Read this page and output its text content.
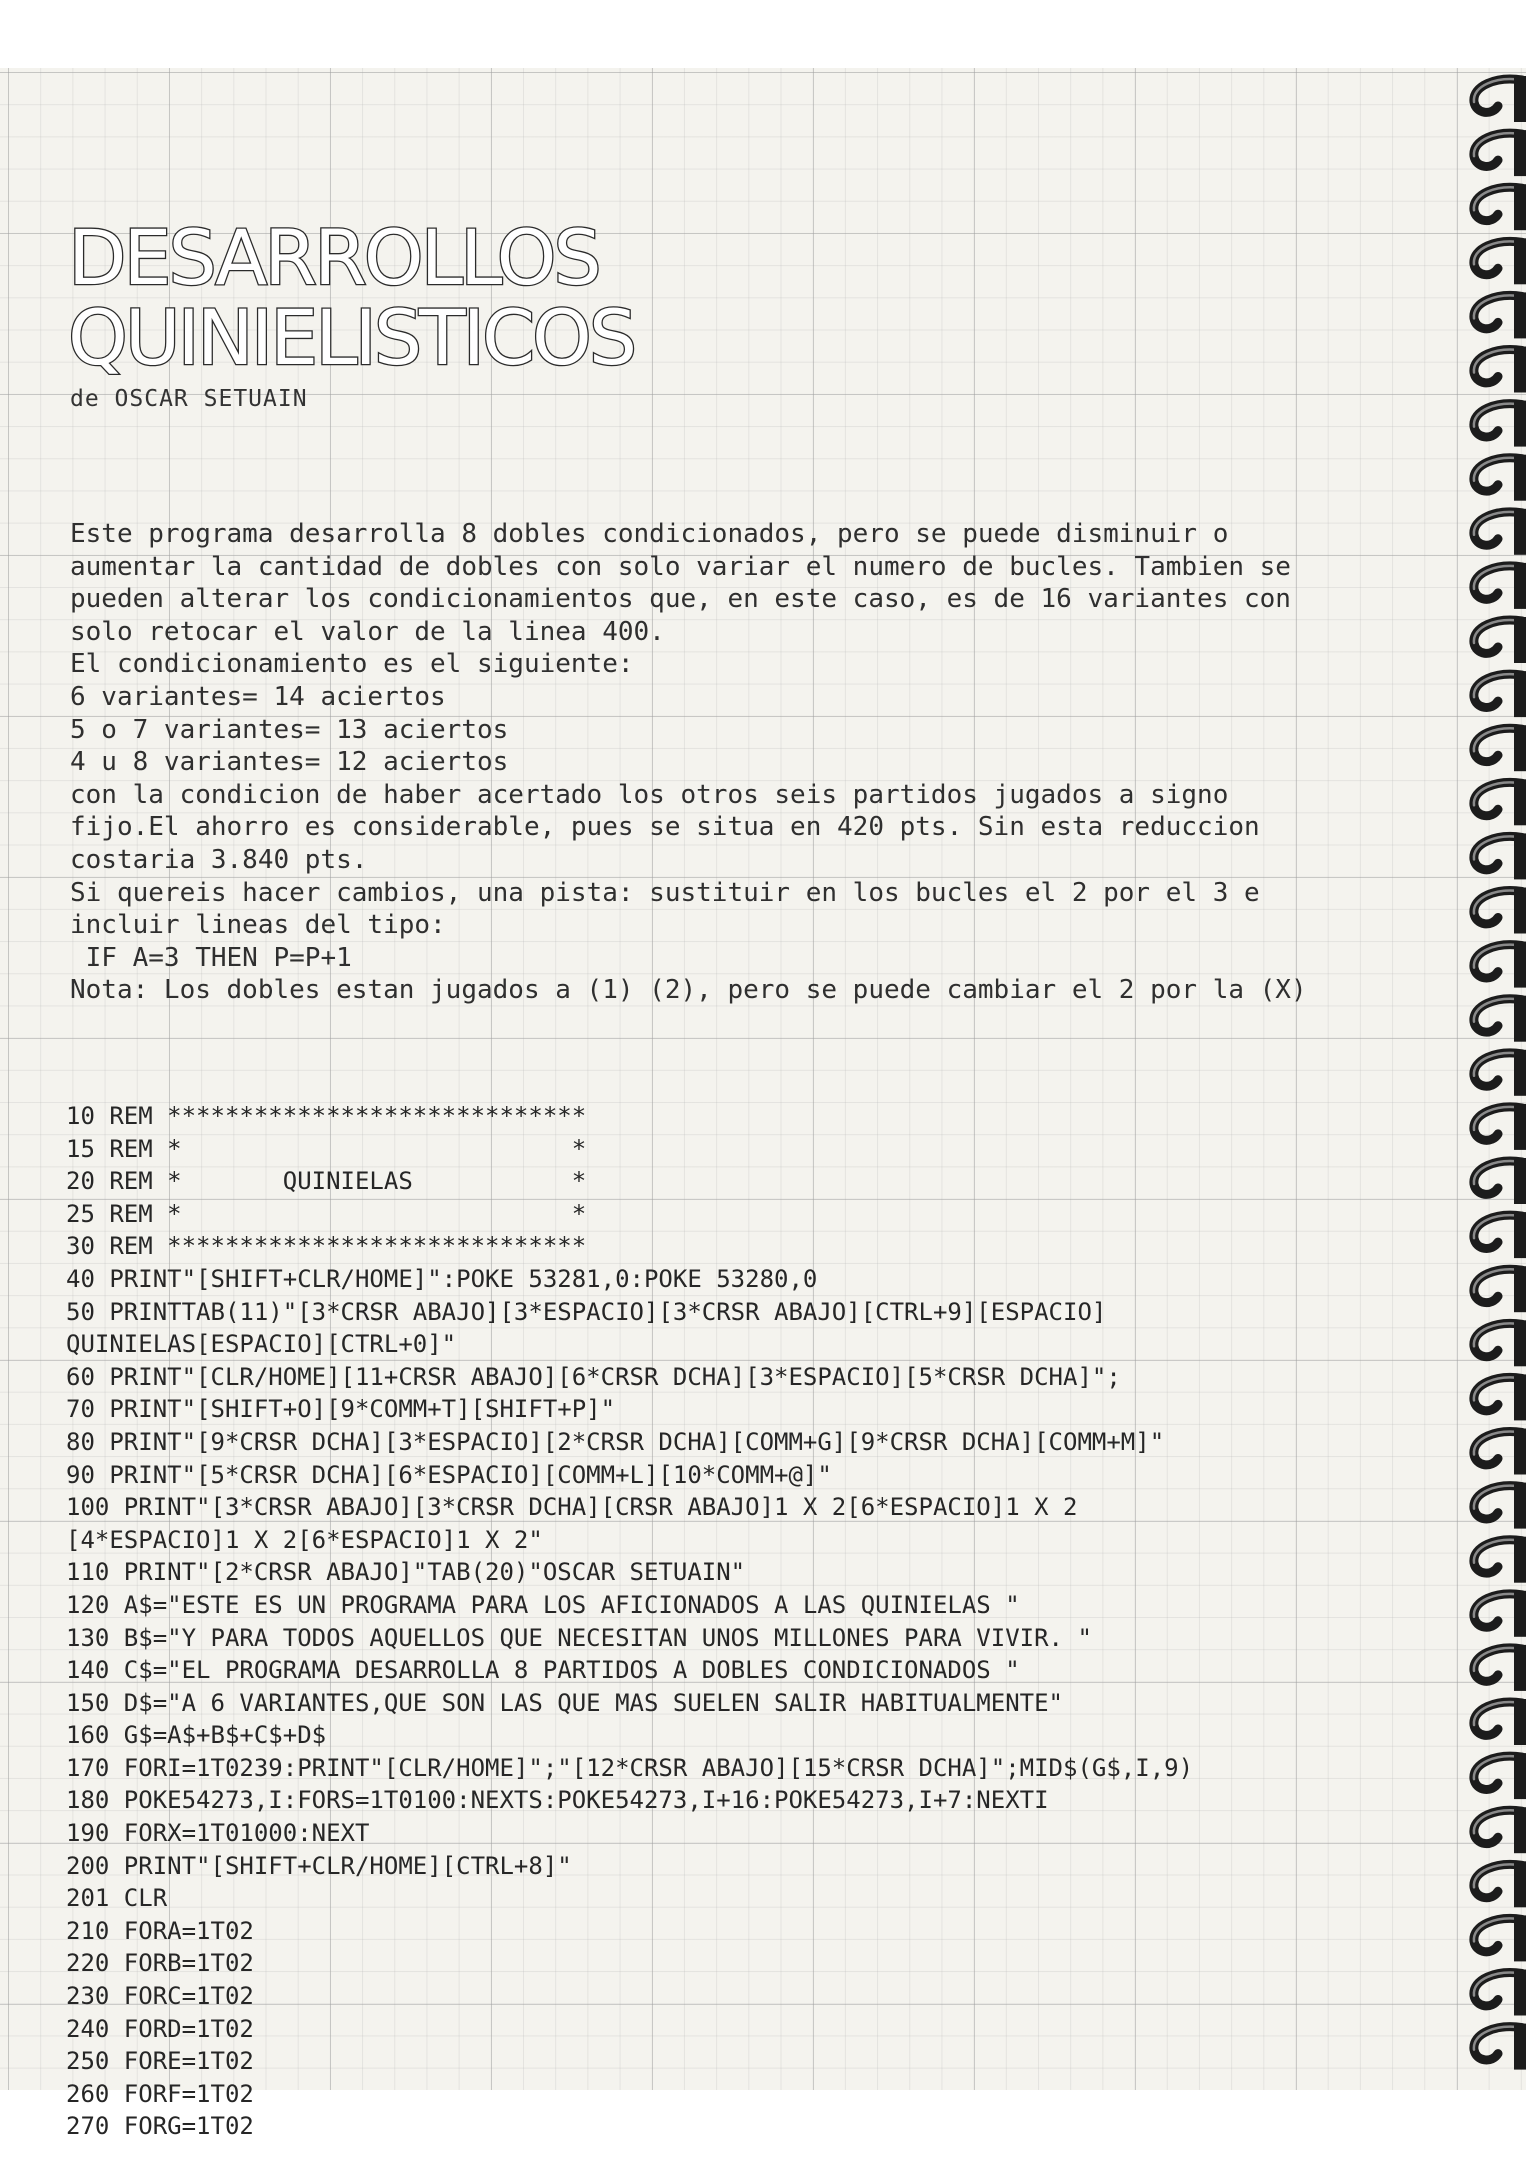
DESARROLLOS
QUINIELISTICOS
de OSCAR SETUAIN
Este programa desarrolla 8 dobles condicionados, pero se puede disminuir o
aumentar la cantidad de dobles con solo variar el numero de bucles. Tambien se
pueden alterar los condicionamientos que, en este caso, es de 16 variantes con
solo retocar el valor de la linea 400.
El condicionamiento es el siguiente:
6 variantes= 14 aciertos
5 o 7 variantes= 13 aciertos
4 u 8 variantes= 12 aciertos
con la condicion de haber acertado los otros seis partidos jugados a signo
fijo.El ahorro es considerable, pues se situa en 420 pts. Sin esta reduccion
costaria 3.840 pts.
Si quereis hacer cambios, una pista: sustituir en los bucles el 2 por el 3 e
incluir lineas del tipo:
IF A=3 THEN P=P+1
Nota: Los dobles estan jugados a (1) (2), pero se puede cambiar el 2 por la (X)
10 REM *****************************
15 REM *                           *
20 REM *       QUINIELAS           *
25 REM *                           *
30 REM *****************************
40 PRINT"[SHIFT+CLR/HOME]":POKE 53281,0:POKE 53280,0
50 PRINTTAB(11)"[3*CRSR ABAJO][3*ESPACIO][3*CRSR ABAJO][CTRL+9][ESPACIO]
QUINIELAS[ESPACIO][CTRL+0]"
60 PRINT"[CLR/HOME][11+CRSR ABAJO][6*CRSR DCHA][3*ESPACIO][5*CRSR DCHA]";
70 PRINT"[SHIFT+O][9*COMM+T][SHIFT+P]"
80 PRINT"[9*CRSR DCHA][3*ESPACIO][2*CRSR DCHA][COMM+G][9*CRSR DCHA][COMM+M]"
90 PRINT"[5*CRSR DCHA][6*ESPACIO][COMM+L][10*COMM+@]"
100 PRINT"[3*CRSR ABAJO][3*CRSR DCHA][CRSR ABAJO]1 X 2[6*ESPACIO]1 X 2
[4*ESPACIO]1 X 2[6*ESPACIO]1 X 2"
110 PRINT"[2*CRSR ABAJO]"TAB(20)"OSCAR SETUAIN"
120 A$="ESTE ES UN PROGRAMA PARA LOS AFICIONADOS A LAS QUINIELAS "
130 B$="Y PARA TODOS AQUELLOS QUE NECESITAN UNOS MILLONES PARA VIVIR. "
140 C$="EL PROGRAMA DESARROLLA 8 PARTIDOS A DOBLES CONDICIONADOS "
150 D$="A 6 VARIANTES,QUE SON LAS QUE MAS SUELEN SALIR HABITUALMENTE"
160 G$=A$+B$+C$+D$
170 FORI=1T0239:PRINT"[CLR/HOME]";"[12*CRSR ABAJO][15*CRSR DCHA]";MID$(G$,I,9)
180 POKE54273,I:FORS=1T0100:NEXTS:POKE54273,I+16:POKE54273,I+7:NEXTI
190 FORX=1T01000:NEXT
200 PRINT"[SHIFT+CLR/HOME][CTRL+8]"
201 CLR
210 FORA=1T02
220 FORB=1T02
230 FORC=1T02
240 FORD=1T02
250 FORE=1T02
260 FORF=1T02
270 FORG=1T02
